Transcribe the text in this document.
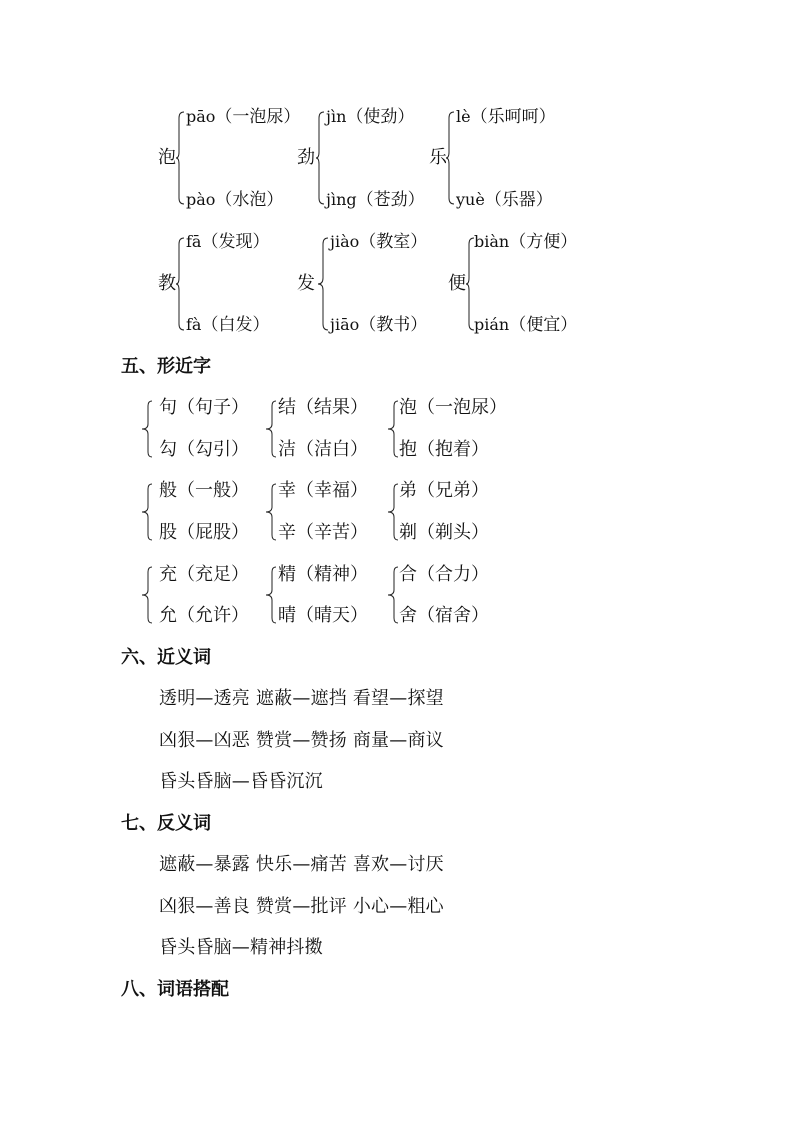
泡
pāo（一泡尿）
pào（水泡）
劲
jìn（使劲）
jìng（苍劲）
乐
lè（乐呵呵）
yuè（乐器）
教
fā（发现）
fà（白发）
发
jiào（教室）
jiāo（教书）
便
biàn（方便）
pián（便宜）
五、形近字
句（句子）
勾（勾引）
结（结果）
洁（洁白）
泡（一泡尿）
抱（抱着）
般（一般）
股（屁股）
幸（幸福）
辛（辛苦）
弟（兄弟）
剃（剃头）
充（充足）
允（允许）
精（精神）
晴（晴天）
合（合力）
舍（宿舍）
六、近义词
透明—透亮 遮蔽—遮挡 看望—探望
凶狠—凶恶 赞赏—赞扬 商量—商议
昏头昏脑—昏昏沉沉
七、反义词
遮蔽—暴露 快乐—痛苦 喜欢—讨厌
凶狠—善良 赞赏—批评 小心—粗心
昏头昏脑—精神抖擞
八、词语搭配
